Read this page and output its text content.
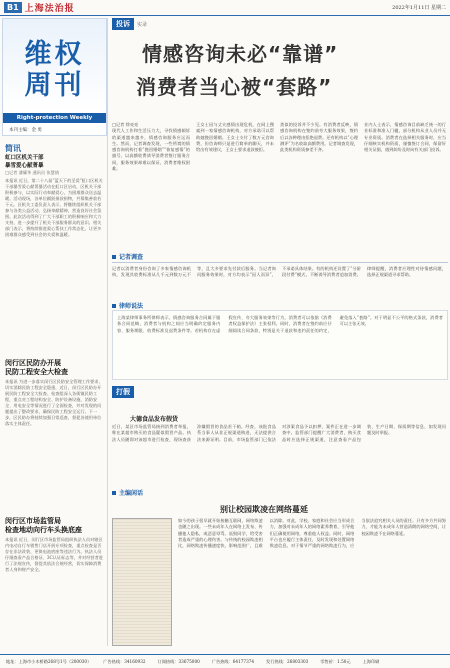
B1 上海法治报	2022年1月11日 星期二
维权
周刊
Right-protection Weekly
本刊主编：金 勇
简讯
虹口区机关干部
暴雪爱心献菁暴
□记者 潘耀华 通讯员 张慧倩
本报讯 近日，第二十八届“蓝天下的至爱”虹口区机关干部暴雪爱心献菁暴活动在虹口区启动，区机关干部积极参与，以实际行动奉献爱心，为困难群众送去温暖。活动现场，各单位踊跃捐款捐物，共募集善款若干元。区机关工委负责人表示，将继续组织机关干部参与各类公益活动，弘扬奉献精神，营造良好社会氛围。此次活动得到了广大干部职工的积极响应和大力支持，进一步提升了机关干部服务群众的意识。相关部门表示，将持续推进爱心帮扶工作常态化，让更多困难群众感受到社会的关爱和温暖。
闵行区民防办开展
民防工程安全大检查
本报讯 为进一步落实闵行区民防安全管理工作要求，切实消除民防工程安全隐患，近日，闵行区民防办开展民防工程安全大检查。检查组深入各街镇民防工程，重点对工程结构安全、防护设备设施、消防安全、用电安全等情况进行了全面检查，并对发现的问题提出了整改要求，确保民防工程安全运行。下一步，区民防办将持续加强日常巡查，督促各使用单位落实主体责任。
闵行区市场监管局
检查地动向行车头换底座
本报讯 近日，闵行区市场监管局组织执法人员对辖区内电动自行车销售门店开展专项检查，重点检查是否存在非法改装、更换电池底座等违法行为。执法人员仔细查看产品合格证、3C认证标志等，并对经营者进行了法规宣传，督促其依法合规经营，切实保障消费者人身和财产安全。
投诉	实录
情感咨询未必“靠谱”
消费者当心被“套路”
□记者 徐亮亮
现代人工作和生活压力大，寻找情感倾诉的渠道越来越多，情感咨询服务应运而生。然而，记者调查发现，一些所谓的情感咨询机构打着“挽回婚姻”“恢复感情”的旗号，以高额收费诱导消费者签订服务合同，服务效果却难以保证，消费者维权困难。
王女士因与丈夫感情出现危机，在网上搜索到一家情感咨询机构，对方承诺可以帮助她挽回婚姻。王女士支付了数万元咨询费，但咨询师只是进行简单的聊天，并未给出有效建议，王女士要求退款被拒。
类似的投诉并不少见。有消费者反映，情感咨询机构在签约前夸大服务效果，签约后以各种理由拒绝退费。还有机构以“心理测评”为名收取高额费用。记者调查发现，此类机构资质参差不齐。
业内人士表示，情感咨询目前缺乏统一的行业标准和准入门槛，部分机构从业人员并无专业资质。消费者在选择相关服务时，应当仔细核实机构资质，谨慎签订合同，保留好相关证据，遇到纠纷及时向有关部门投诉。
记者调查
记者以消费者身份咨询了多家情感咨询机构，发现其收费标准从几千元到数万元不等，且大多要求先付款后服务。当记者询问服务效果时，对方均表示“因人而异”，不承诺具体结果。有的机构还设置了“分阶段付费”模式，不断诱导消费者追加消费。律师提醒，消费者应理性对待情感问题，选择正规渠道寻求帮助。
律师说法
上海某律师事务所律师表示，情感咨询服务合同属于服务合同范畴，消费者与机构之间应当明确约定服务内容、服务期限、收费标准及退费条件等。若机构存在虚假宣传、夸大服务效果等行为，消费者可以依据《消费者权益保护法》主张权利。同时，消费者在签约前应仔细阅读合同条款，特别是关于退款和违约责任的约定，避免落入“套路”。对于明显不公平的格式条款，消费者可以主张无效。
打假
大德食品发布假货
近日，某区市场监管局接到消费者举报，称在某超市购买的食品疑似假冒产品。执法人员随即对该超市进行检查，现场查获涉嫌假冒的食品若干箱。经查，该批食品系当事人从非正规渠道购进，无法提供合法来源证明。目前，市场监管部门已依法对涉案食品予以扣押，案件正在进一步调查中。监管部门提醒广大消费者，购买食品时应选择正规渠道，注意查看产品包装、生产日期、保质期等信息，如发现问题及时举报。
主编闲话
别让校园欺凌在网络蔓延
如今的孩子很早就开始接触互联网，网络欺凌也随之出现。一些未成年人在网络上发布、传播他人隐私，或恶意辱骂、诋毁同学，给受害者造成严重的心理伤害。与传统的校园欺凌相比，网络欺凌传播速度快、影响范围广，且难以消除。对此，学校、家庭和社会应当形成合力，加强对未成年人的网络素养教育，引导他们正确使用网络，尊重他人权益。同时，网络平台也应履行主体责任，及时发现和处置网络欺凌信息。对于情节严重的网络欺凌行为，应当依法追究相关人员的责任。只有多方共同努力，才能为未成年人营造清朗的网络空间，让校园欺凌不在网络蔓延。
地址：上海市小木桥路268号1号（200030）	广告热线：34160932	订阅热线：33675000	广告热线：64177374	发行热线：26803303	零售价：1.50元	上海印刷
